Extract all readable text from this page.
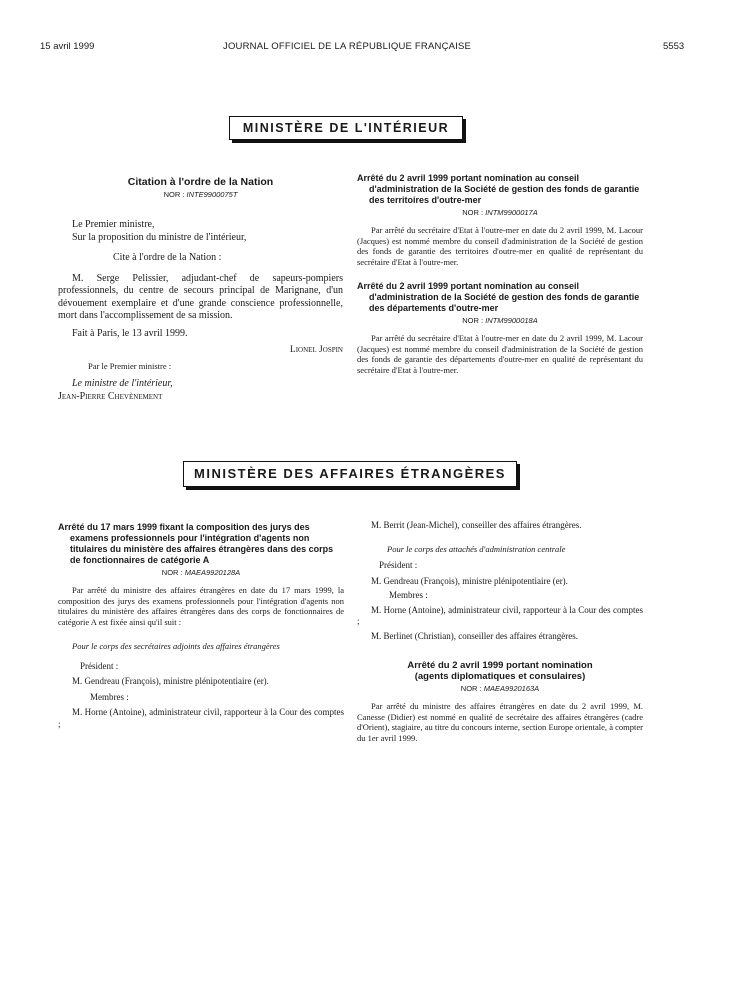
15 avril 1999	JOURNAL OFFICIEL DE LA RÉPUBLIQUE FRANÇAISE	5553
MINISTÈRE DE L'INTÉRIEUR
Citation à l'ordre de la Nation
NOR : INTE9900075T

Le Premier ministre,

Sur la proposition du ministre de l'intérieur,

Cite à l'ordre de la Nation :

M. Serge Pelissier, adjudant-chef de sapeurs-pompiers professionnels, du centre de secours principal de Marignane, d'un dévouement exemplaire et d'une grande conscience professionnelle, mort dans l'accomplissement de sa mission.

Fait à Paris, le 13 avril 1999.

Lionel Jospin

Par le Premier ministre :

Le ministre de l'intérieur,

Jean-Pierre Chevènement

Arrêté du 2 avril 1999 portant nomination au conseil d'administration de la Société de gestion des fonds de garantie des territoires d'outre-mer
NOR : INTM9900017A

Par arrêté du secrétaire d'Etat à l'outre-mer en date du 2 avril 1999, M. Lacour (Jacques) est nommé membre du conseil d'administration de la Société de gestion des fonds de garantie des territoires d'outre-mer en qualité de représentant du secrétaire d'Etat à l'outre-mer.

Arrêté du 2 avril 1999 portant nomination au conseil d'administration de la Société de gestion des fonds de garantie des départements d'outre-mer
NOR : INTM9900018A

Par arrêté du secrétaire d'Etat à l'outre-mer en date du 2 avril 1999, M. Lacour (Jacques) est nommé membre du conseil d'administration de la Société de gestion des fonds de garantie des départements d'outre-mer en qualité de représentant du secrétaire d'Etat à l'outre-mer.

MINISTÈRE DES AFFAIRES ÉTRANGÈRES
Arrêté du 17 mars 1999 fixant la composition des jurys des examens professionnels pour l'intégration d'agents non titulaires du ministère des affaires étrangères dans des corps de fonctionnaires de catégorie A
NOR : MAEA9920128A

Par arrêté du ministre des affaires étrangères en date du 17 mars 1999, la composition des jurys des examens professionnels pour l'intégration d'agents non titulaires du ministère des affaires étrangères dans des corps de fonctionnaires de catégorie A est fixée ainsi qu'il suit :

Pour le corps des secrétaires adjoints des affaires étrangères

Président :

M. Gendreau (François), ministre plénipotentiaire (er).

Membres :

M. Horne (Antoine), administrateur civil, rapporteur à la Cour des comptes ;

M. Berrit (Jean-Michel), conseiller des affaires étrangères.

Pour le corps des attachés d'administration centrale

Président :

M. Gendreau (François), ministre plénipotentiaire (er).

Membres :

M. Horne (Antoine), administrateur civil, rapporteur à la Cour des comptes ;

M. Berlinet (Christian), conseiller des affaires étrangères.

Arrêté du 2 avril 1999 portant nomination
(agents diplomatiques et consulaires)
NOR : MAEA9920163A

Par arrêté du ministre des affaires étrangères en date du 2 avril 1999, M. Canesse (Didier) est nommé en qualité de secrétaire des affaires étrangères (cadre d'Orient), stagiaire, au titre du concours interne, section Europe orientale, à compter du 1er avril 1999.
